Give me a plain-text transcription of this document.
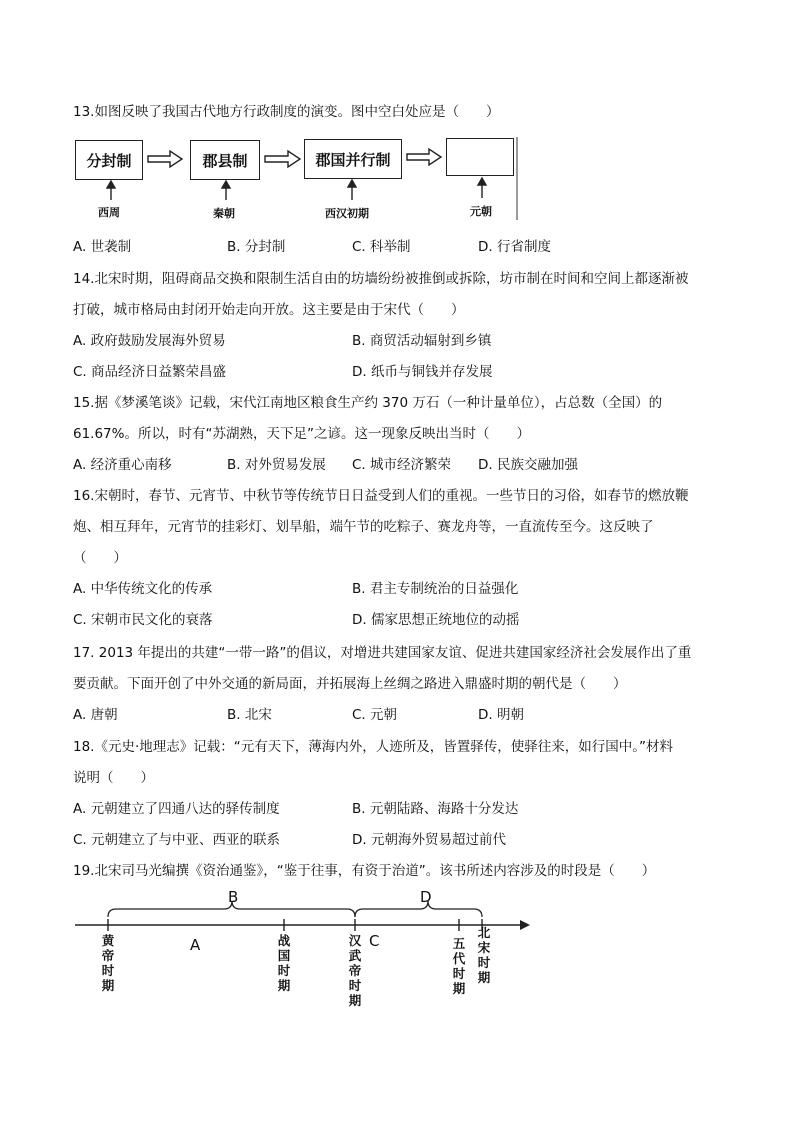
13.如图反映了我国古代地方行政制度的演变。图中空白处应是（　　）
分封制	郡县制	郡国并行制
西周	秦朝	西汉初期	元朝
A. 世袭制	B. 分封制	C. 科举制	D. 行省制度
14.北宋时期，阻碍商品交换和限制生活自由的坊墙纷纷被推倒或拆除，坊市制在时间和空间上都逐渐被
打破，城市格局由封闭开始走向开放。这主要是由于宋代（　　）
A. 政府鼓励发展海外贸易	B. 商贸活动辐射到乡镇
C. 商品经济日益繁荣昌盛	D. 纸币与铜钱并存发展
15.据《梦溪笔谈》记载，宋代江南地区粮食生产约 370 万石（一种计量单位），占总数（全国）的
61.67%。所以，时有“苏湖熟，天下足”之谚。这一现象反映出当时（　　）
A. 经济重心南移	B. 对外贸易发展 C. 城市经济繁荣 D. 民族交融加强
16.宋朝时，春节、元宵节、中秋节等传统节日日益受到人们的重视。一些节日的习俗，如春节的燃放鞭
炮、相互拜年，元宵节的挂彩灯、划旱船，端午节的吃粽子、赛龙舟等，一直流传至今。这反映了
（　　）
A. 中华传统文化的传承	B. 君主专制统治的日益强化
C. 宋朝市民文化的衰落	D. 儒家思想正统地位的动摇
17. 2013 年提出的共建“一带一路”的倡议，对增进共建国家友谊、促进共建国家经济社会发展作出了重
要贡献。下面开创了中外交通的新局面，并拓展海上丝绸之路进入鼎盛时期的朝代是（　　）
A. 唐朝	B. 北宋	C. 元朝	D. 明朝
18.《元史·地理志》记载：“元有天下，薄海内外，人迹所及，皆置驿传，使驿往来，如行国中。”材料
说明（　　）
A. 元朝建立了四通八达的驿传制度	B. 元朝陆路、海路十分发达
C. 元朝建立了与中亚、西亚的联系	D. 元朝海外贸易超过前代
19.北宋司马光编撰《资治通鉴》，“鉴于往事，有资于治道”。该书所述内容涉及的时段是（　　）
B	D
A	C
黄帝时期
战国时期
汉武帝时期
五代时期
北宋时期
